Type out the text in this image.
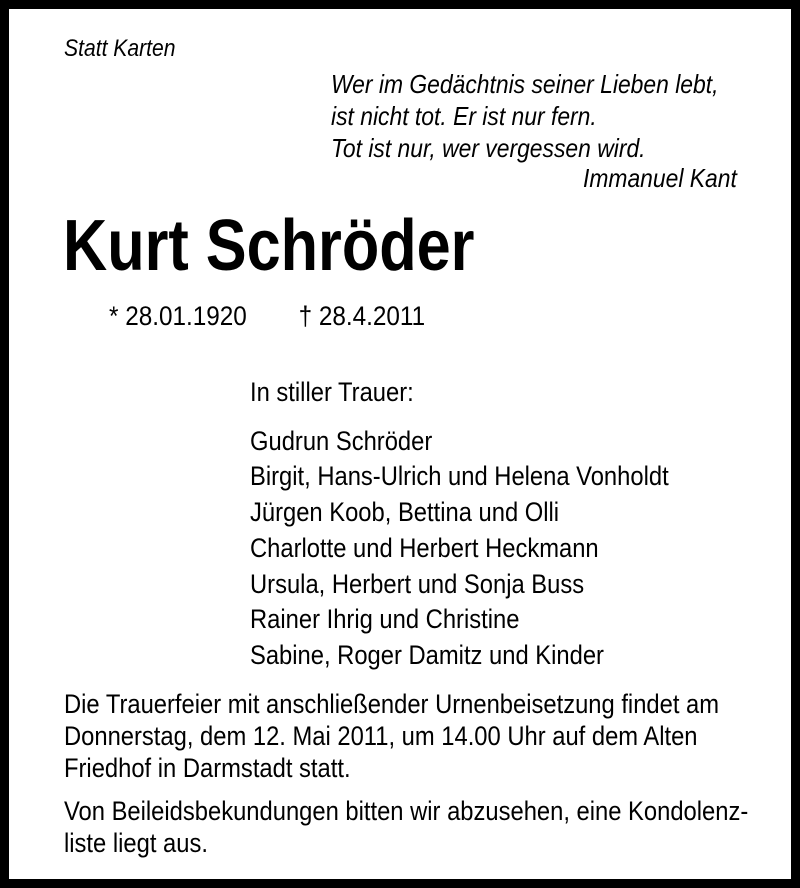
Statt Karten
Wer im Gedächtnis seiner Lieben lebt,
ist nicht tot. Er ist nur fern.
Tot ist nur, wer vergessen wird.
Immanuel Kant
Kurt Schröder
* 28.01.1920 † 28.4.2011
In stiller Trauer:
Gudrun Schröder
Birgit, Hans-Ulrich und Helena Vonholdt
Jürgen Koob, Bettina und Olli
Charlotte und Herbert Heckmann
Ursula, Herbert und Sonja Buss
Rainer Ihrig und Christine
Sabine, Roger Damitz und Kinder
Die Trauerfeier mit anschließender Urnenbeisetzung findet am
Donnerstag, dem 12. Mai 2011, um 14.00 Uhr auf dem Alten
Friedhof in Darmstadt statt.
Von Beileidsbekundungen bitten wir abzusehen, eine Kondolenz-
liste liegt aus.
